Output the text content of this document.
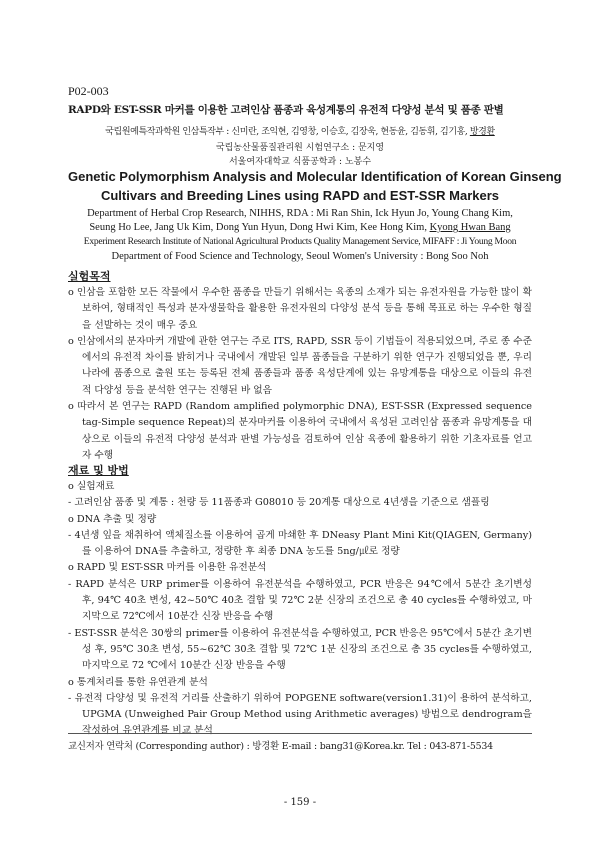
P02-003
RAPD와 EST-SSR 마커를 이용한 고려인삼 품종과 육성계통의 유전적 다양성 분석 및 품종 판별
국립원예특작과학원 인삼특작부 : 신미란, 조익현, 김영창, 이승호, 김장욱, 현동윤, 김동휘, 김기홍, 방경환
국립농산물품질관리원 시험연구소 : 문지영
서울여자대학교 식품공학과 : 노봉수
Genetic Polymorphism Analysis and Molecular Identification of Korean Ginseng
Cultivars and Breeding Lines using RAPD and EST-SSR Markers
Department of Herbal Crop Research, NIHHS, RDA : Mi Ran Shin, Ick Hyun Jo, Young Chang Kim,
Seung Ho Lee, Jang Uk Kim, Dong Yun Hyun, Dong Hwi Kim, Kee Hong Kim, Kyong Hwan Bang
Experiment Research Institute of National Agricultural Products Quality Management Service, MIFAFF : Ji Young Moon
Department of Food Science and Technology, Seoul Women's University : Bong Soo Noh
실험목적

o 인삼을 포함한 모든 작물에서 우수한 품종을 만들기 위해서는 육종의 소재가 되는 유전자원을 가능한 많이 확보하여, 형태적인 특성과 분자생물학을 활용한 유전자원의 다양성 분석 등을 통해 목표로 하는 우수한 형질을 선발하는 것이 매우 중요

o 인삼에서의 분자마커 개발에 관한 연구는 주로 ITS, RAPD, SSR 등이 기법들이 적용되었으며, 주로 종 수준에서의 유전적 차이를 밝히거나 국내에서 개발된 일부 품종들을 구분하기 위한 연구가 진행되었을 뿐, 우리나라에 품종으로 출원 또는 등록된 전체 품종들과 품종 육성단계에 있는 유망계통을 대상으로 이들의 유전적 다양성 등을 분석한 연구는 진행된 바 없음

o 따라서 본 연구는 RAPD (Random amplified polymorphic DNA), EST-SSR (Expressed sequence tag-Simple sequence Repeat)의 분자마커를 이용하여 국내에서 육성된 고려인삼 품종과 유망계통을 대상으로 이들의 유전적 다양성 분석과 판별 가능성을 검토하여 인삼 육종에 활용하기 위한 기초자료를 얻고자 수행

재료 및 방법

o 실험재료

- 고려인삼 품종 및 계통 : 천량 등 11품종과 G08010 등 20계통 대상으로 4년생을 기준으로 샘플링

o DNA 추출 및 정량

- 4년생 잎을 채취하여 액체질소를 이용하여 곱게 마쇄한 후 DNeasy Plant Mini Kit(QIAGEN, Germany)를 이용하여 DNA를 추출하고, 정량한 후 최종 DNA 농도를 5ng/㎕로 정량

o RAPD 및 EST-SSR 마커를 이용한 유전분석

- RAPD 분석은 URP primer를 이용하여 유전분석을 수행하였고, PCR 반응은 94℃에서 5분간 초기변성 후, 94℃ 40초 변성, 42~50℃ 40초 결합 및 72℃ 2분 신장의 조건으로 총 40 cycles를 수행하였고, 마지막으로 72℃에서 10분간 신장 반응을 수행

- EST-SSR 분석은 30쌍의 primer를 이용하여 유전분석을 수행하였고, PCR 반응은 95℃에서 5분간 초기변성 후, 95℃ 30초 변성, 55~62℃ 30초 결합 및 72℃ 1분 신장의 조건으로 총 35 cycles를 수행하였고, 마지막으로 72 ℃에서 10분간 신장 반응을 수행

o 통계처리를 통한 유연관계 분석

- 유전적 다양성 및 유전적 거리를 산출하기 위하여 POPGENE software(version1.31)이 용하여 분석하고, UPGMA (Unweighed Pair Group Method using Arithmetic averages) 방법으로 dendrogram을 작성하여 유연관계를 비교 분석

교신저자 연락처 (Corresponding author) : 방경환 E-mail : bang31@Korea.kr. Tel : 043-871-5534
- 159 -
